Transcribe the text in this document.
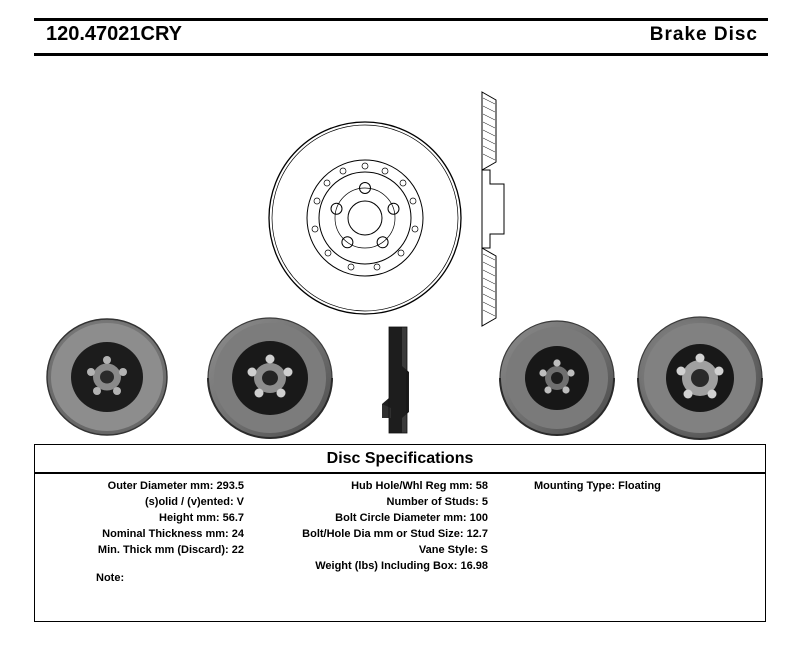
120.47021CRY	Brake Disc
Disc Specifications
Outer Diameter mm: 293.5
(s)olid / (v)ented: V
Height mm: 56.7
Nominal Thickness mm: 24
Min. Thick mm (Discard): 22
Hub Hole/Whl Reg mm: 58
Number of Studs: 5
Bolt Circle Diameter mm: 100
Bolt/Hole Dia mm or Stud Size: 12.7
Vane Style: S
Weight (lbs) Including Box: 16.98
Mounting Type: Floating
Note:
